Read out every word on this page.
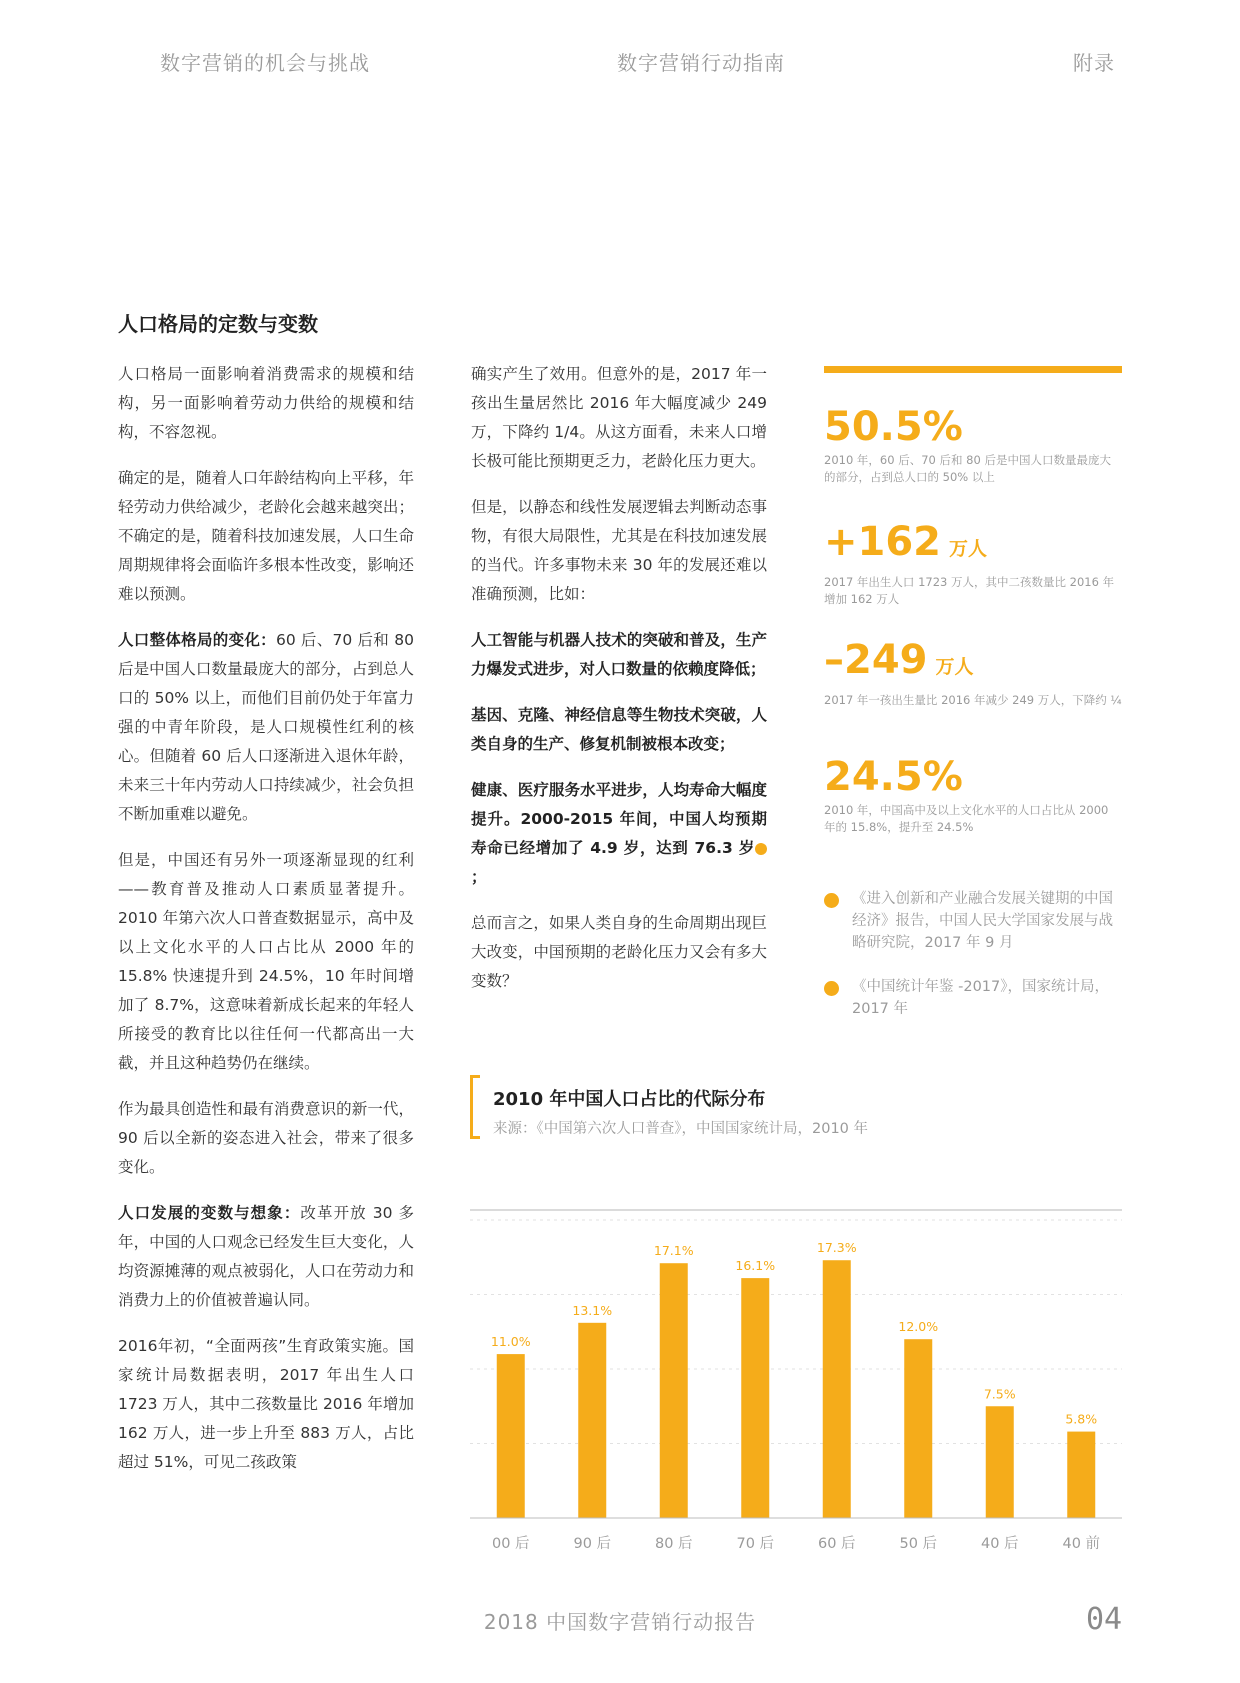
数字营销的机会与挑战	数字营销行动指南	附录
人口格局的定数与变数

人口格局一面影响着消费需求的规模和结构，另一面影响着劳动力供给的规模和结构，不容忽视。

确定的是，随着人口年龄结构向上平移，年轻劳动力供给减少，老龄化会越来越突出；不确定的是，随着科技加速发展，人口生命周期规律将会面临许多根本性改变，影响还难以预测。

人口整体格局的变化：60 后、70 后和 80 后是中国人口数量最庞大的部分，占到总人口的 50% 以上，而他们目前仍处于年富力强的中青年阶段，是人口规模性红利的核心。但随着 60 后人口逐渐进入退休年龄，未来三十年内劳动人口持续减少，社会负担不断加重难以避免。

但是，中国还有另外一项逐渐显现的红利——教育普及推动人口素质显著提升。2010 年第六次人口普查数据显示，高中及以上文化水平的人口占比从 2000 年的 15.8% 快速提升到 24.5%，10 年时间增加了 8.7%，这意味着新成长起来的年轻人所接受的教育比以往任何一代都高出一大截，并且这种趋势仍在继续。

作为最具创造性和最有消费意识的新一代，90 后以全新的姿态进入社会，带来了很多变化。

人口发展的变数与想象：改革开放 30 多年，中国的人口观念已经发生巨大变化，人均资源摊薄的观点被弱化，人口在劳动力和消费力上的价值被普遍认同。

2016年初，“全面两孩”生育政策实施。国家统计局数据表明，2017 年出生人口 1723 万人，其中二孩数量比 2016 年增加 162 万人，进一步上升至 883 万人，占比超过 51%，可见二孩政策

确实产生了效用。但意外的是，2017 年一孩出生量居然比 2016 年大幅度减少 249 万，下降约 1/4。从这方面看，未来人口增长极可能比预期更乏力，老龄化压力更大。

但是，以静态和线性发展逻辑去判断动态事物，有很大局限性，尤其是在科技加速发展的当代。许多事物未来 30 年的发展还难以准确预测，比如：

人工智能与机器人技术的突破和普及，生产力爆发式进步，对人口数量的依赖度降低；

基因、克隆、神经信息等生物技术突破，人类自身的生产、修复机制被根本改变；

健康、医疗服务水平进步，人均寿命大幅度提升。2000-2015 年间，中国人均预期寿命已经增加了 4.9 岁，达到 76.3 岁；

总而言之，如果人类自身的生命周期出现巨大改变，中国预期的老龄化压力又会有多大变数？

50.5%
2010 年，60 后、70 后和 80 后是中国人口数量最庞大的部分，占到总人口的 50% 以上
+162 万人
2017 年出生人口 1723 万人，其中二孩数量比 2016 年增加 162 万人
–249 万人
2017 年一孩出生量比 2016 年减少 249 万人，下降约 ¼
24.5%
2010 年，中国高中及以上文化水平的人口占比从 2000 年的 15.8%，提升至 24.5%
《进入创新和产业融合发展关键期的中国经济》报告，中国人民大学国家发展与战略研究院，2017 年 9 月
《中国统计年鉴 -2017》，国家统计局，2017 年
2010 年中国人口占比的代际分布
来源：《中国第六次人口普查》，中国国家统计局，2010 年
11.0%
00 后
13.1%
90 后
17.1%
80 后
16.1%
70 后
17.3%
60 后
12.0%
50 后
7.5%
40 后
5.8%
40 前
2018 中国数字营销行动报告	04
